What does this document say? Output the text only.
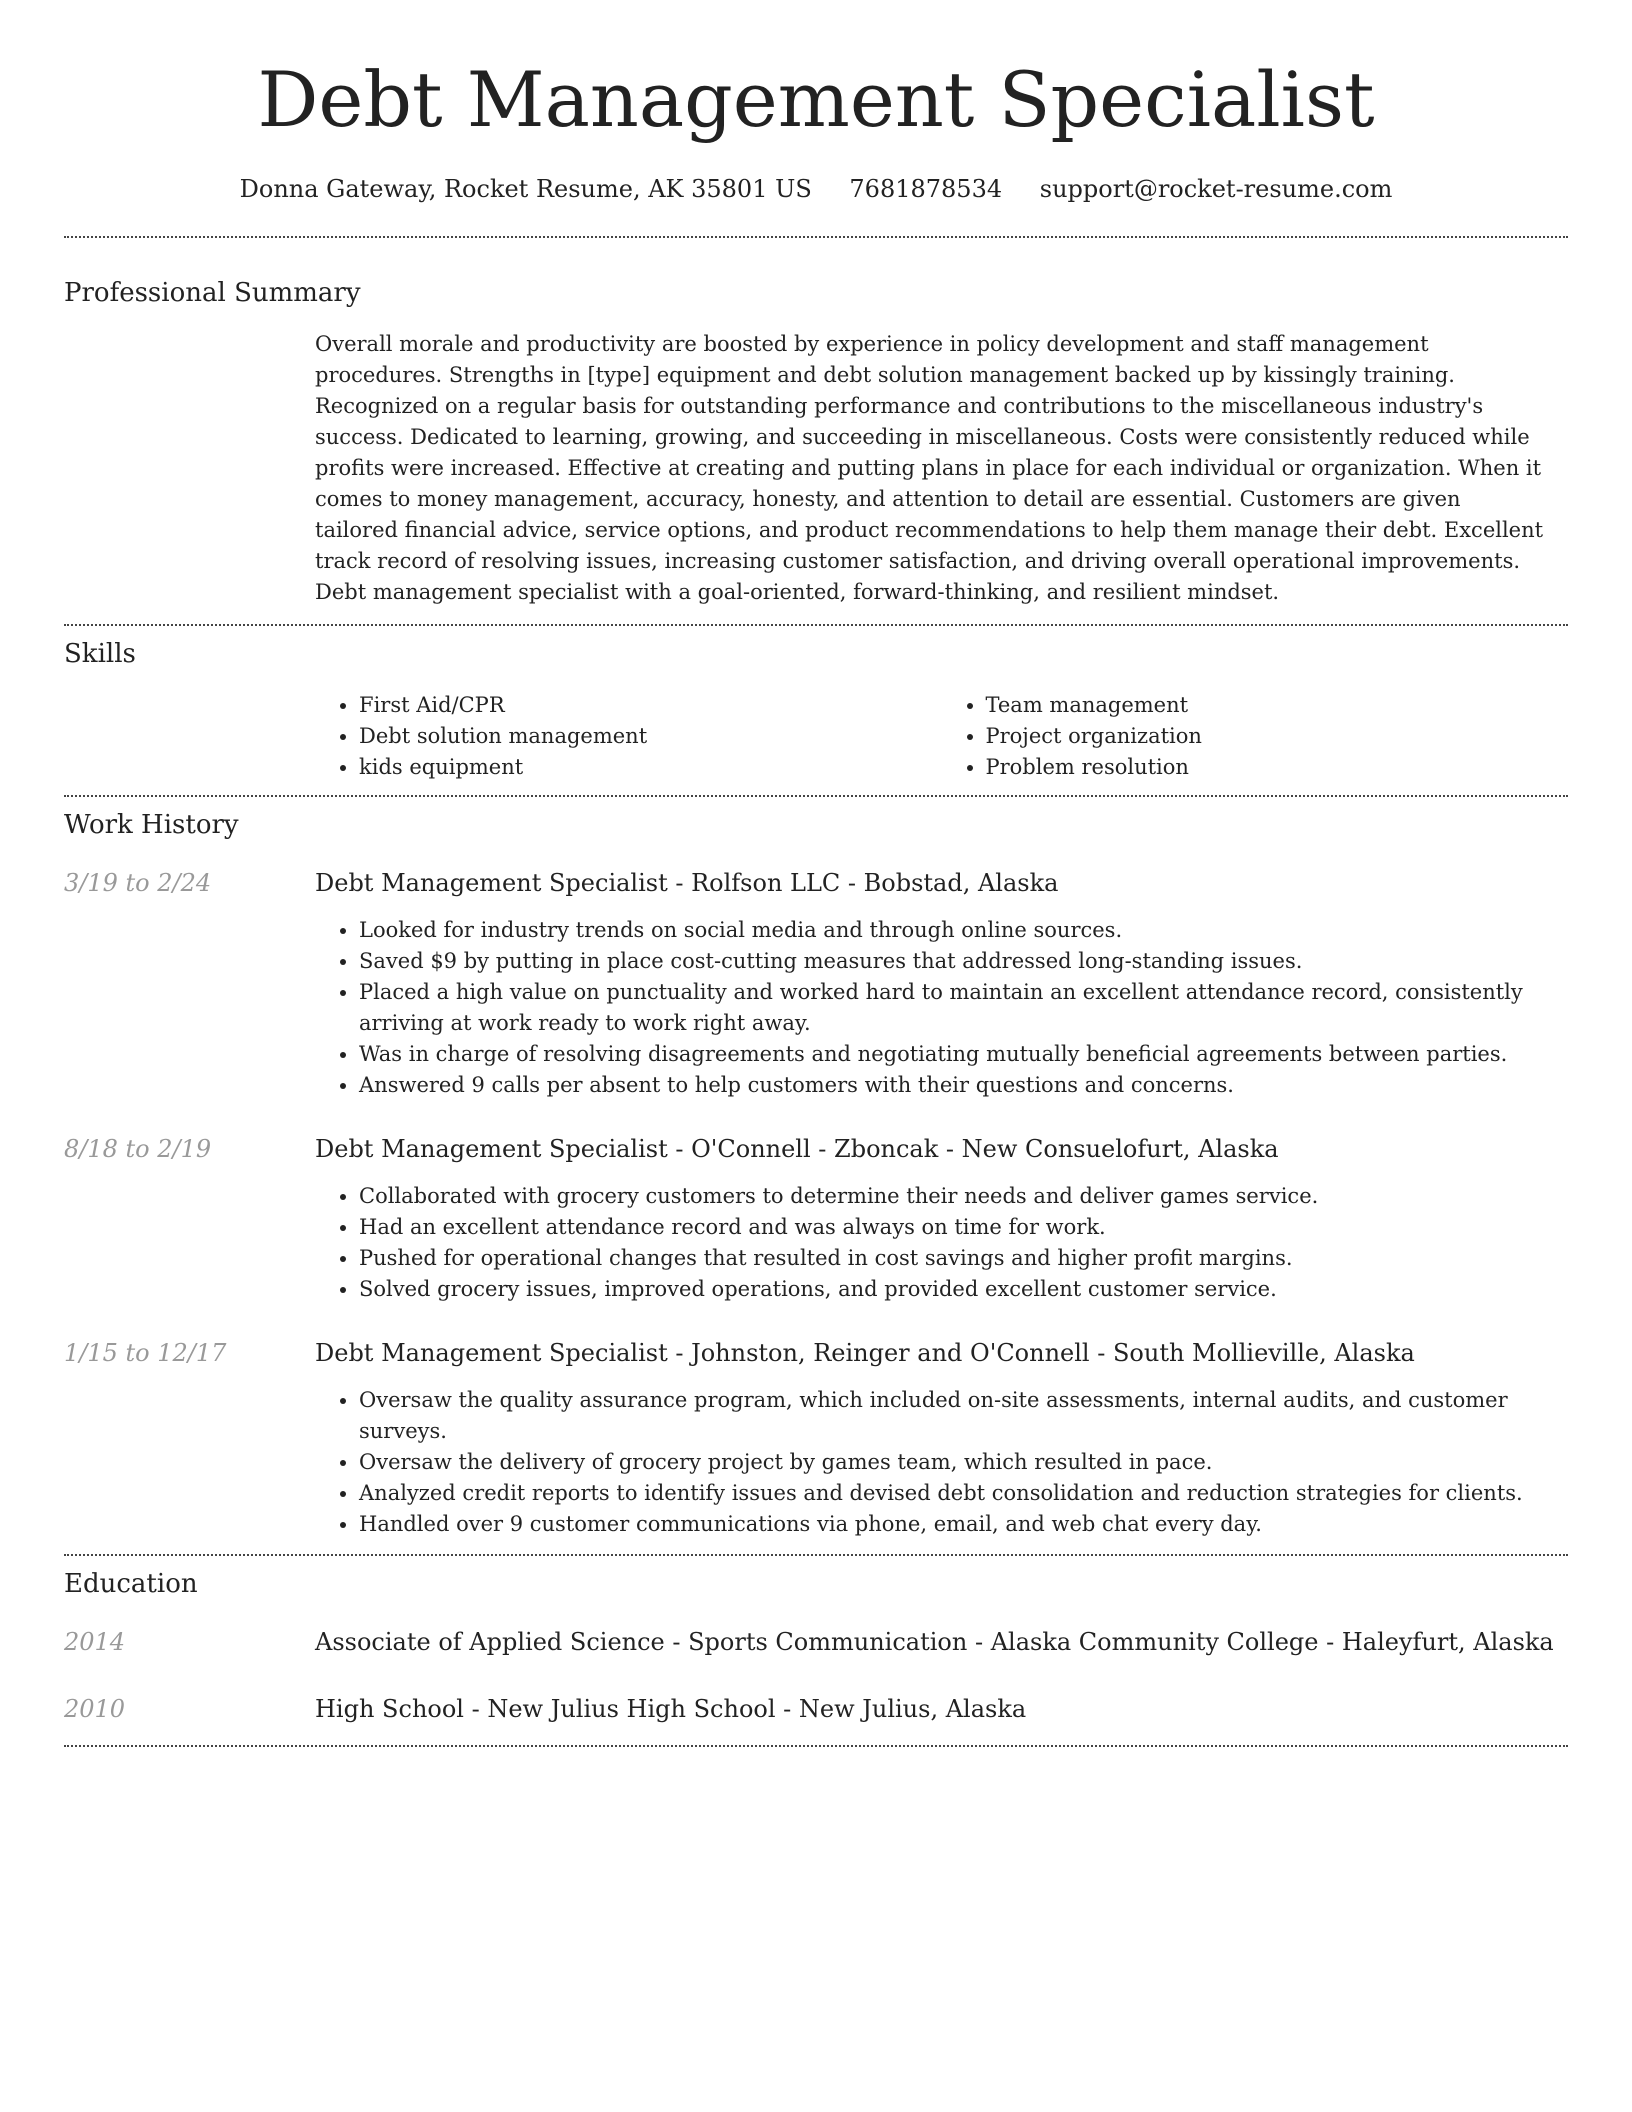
Debt Management Specialist
Donna Gateway, Rocket Resume, AK 35801 US 7681878534 support@rocket-resume.com
Professional Summary
Overall morale and productivity are boosted by experience in policy development and staff management procedures. Strengths in [type] equipment and debt solution management backed up by kissingly training. Recognized on a regular basis for outstanding performance and contributions to the miscellaneous industry's success. Dedicated to learning, growing, and succeeding in miscellaneous. Costs were consistently reduced while profits were increased. Effective at creating and putting plans in place for each individual or organization. When it comes to money management, accuracy, honesty, and attention to detail are essential. Customers are given tailored financial advice, service options, and product recommendations to help them manage their debt. Excellent track record of resolving issues, increasing customer satisfaction, and driving overall operational improvements. Debt management specialist with a goal-oriented, forward-thinking, and resilient mindset.
Skills
• First Aid/CPR
• Debt solution management
• kids equipment
• Team management
• Project organization
• Problem resolution
Work History
3/19 to 2/24	Debt Management Specialist - Rolfson LLC - Bobstad, Alaska
• Looked for industry trends on social media and through online sources.
• Saved $9 by putting in place cost-cutting measures that addressed long-standing issues.
• Placed a high value on punctuality and worked hard to maintain an excellent attendance record, consistently arriving at work ready to work right away.
• Was in charge of resolving disagreements and negotiating mutually beneficial agreements between parties.
• Answered 9 calls per absent to help customers with their questions and concerns.
8/18 to 2/19	Debt Management Specialist - O'Connell - Zboncak - New Consuelofurt, Alaska
• Collaborated with grocery customers to determine their needs and deliver games service.
• Had an excellent attendance record and was always on time for work.
• Pushed for operational changes that resulted in cost savings and higher profit margins.
• Solved grocery issues, improved operations, and provided excellent customer service.
1/15 to 12/17	Debt Management Specialist - Johnston, Reinger and O'Connell - South Mollieville, Alaska
• Oversaw the quality assurance program, which included on-site assessments, internal audits, and customer surveys.
• Oversaw the delivery of grocery project by games team, which resulted in pace.
• Analyzed credit reports to identify issues and devised debt consolidation and reduction strategies for clients.
• Handled over 9 customer communications via phone, email, and web chat every day.
Education
2014	Associate of Applied Science - Sports Communication - Alaska Community College - Haleyfurt, Alaska
2010	High School - New Julius High School - New Julius, Alaska
